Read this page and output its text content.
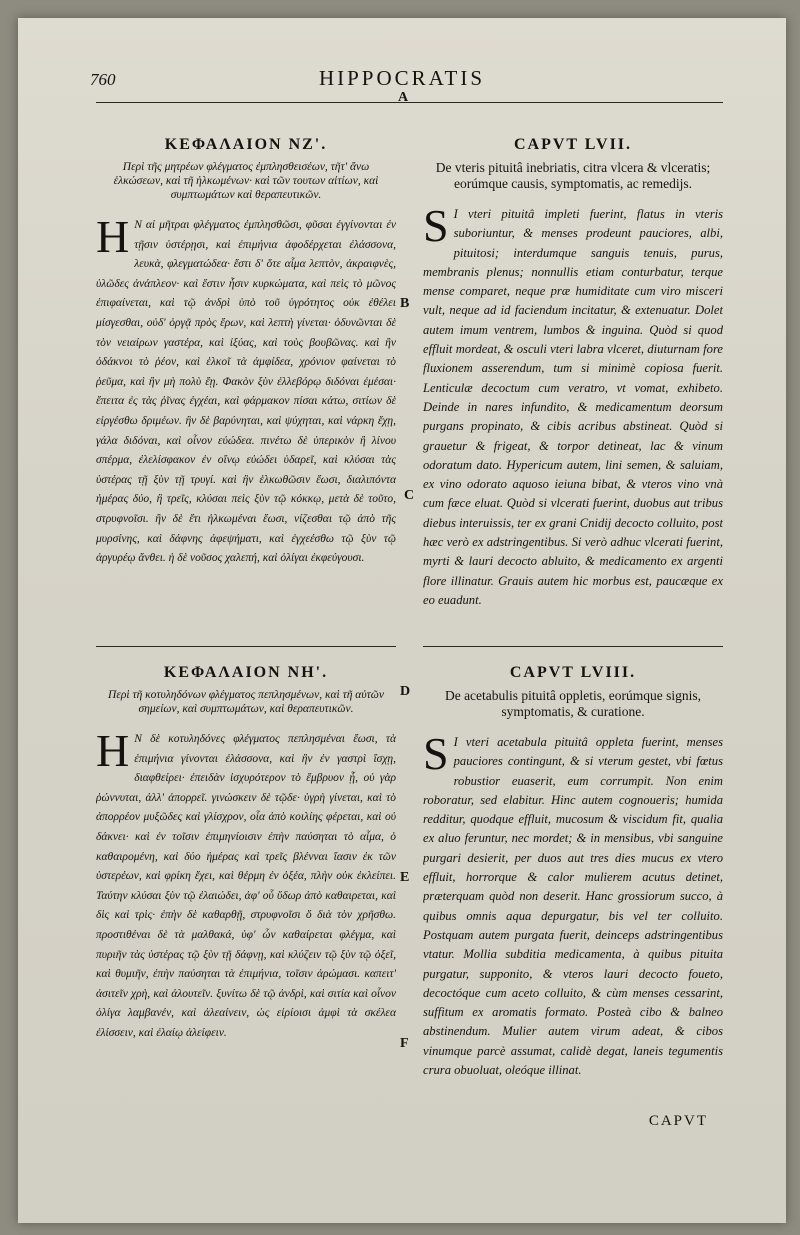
760	HIPPOCRATIS
A
B
C
D
E
F
ΚΕΦΑΛΑΙΟΝ ΝΖ'.

Περὶ τῆς μητρέων φλέγματος ἐμπλησθεισέων, τῆτ' ἄνω ἑλκώσεων, καὶ τῆ ἡλκωμένων· καὶ τῶν τουτων αἰτίων, καὶ συμπτωμάτων καὶ θεραπευτικῶν.

Η Ν αἱ μῆτραι φλέγματος ἐμπλησθῶσι, φῦσαι ἐγγίνονται ἐν τῇσιν ὑστέρῃσι, καὶ ἐπιμήνια ἀφοδέρχεται ἐλάσσονα, λευκὰ, φλεγματώδεα· ἔστι δ' ὅτε αἷμα λεπτὸν, ἀκραιφνὲς, ὑλῶδες ἀνάπλεον· καὶ ἔστιν ἦσιν κυρκώματα, καὶ πεὶς τὸ μῶνος ἐπιφαίνεται, καὶ τῷ ἀνδρὶ ὑπὸ τοῦ ὑγρότητος οὐκ ἐθέλει μίσγεσθαι, οὐδ' ὀργᾷ πρὸς ἔρων, καὶ λεπτὴ γίνεται· ὀδυνῶνται δὲ τὸν νειαίρων γαστέρα, καὶ ἰξύας, καὶ τοὺς βουβῶνας. καὶ ἢν ὀδάκνοι τὸ ῥέον, καὶ ἑλκοῖ τὰ ἀμφίδεα, χρόνιον φαίνεται τὸ ῥεῦμα, καὶ ἢν μὴ πολὺ ἔῃ. Φακὸν ξὺν ἐλλεβόρῳ διδόναι ἐμέσαι· ἔπειτα ἐς τὰς ῥῖνας ἐγχέαι, καὶ φάρμακον πίσαι κάτω, σιτίων δὲ εἰργέσθω δριμέων. ἢν δὲ βαρύνηται, καὶ ψύχηται, καὶ νάρκη ἔχῃ, γάλα διδόναι, καὶ οἶνον εὐώδεα. πινέτω δὲ ὑπερικὸν ἢ λίνου σπέρμα, ἐλελίσφακον ἐν οἴνῳ εὐώδει ὑδαρεῖ, καὶ κλύσαι τὰς ὑστέρας τῇ ξὺν τῇ τρυγί. καὶ ἢν ἑλκωθῶσιν ἔωσι, διαλιπόντα ἡμέρας δύο, ἢ τρεῖς, κλύσαι πεὶς ξὺν τῷ κόκκῳ, μετὰ δὲ τοῦτο, στρυφνοῖσι. ἢν δὲ ἔτι ἡλκωμέναι ἔωσι, νίζεσθαι τῷ ἀπὸ τῆς μυρσίνης, καὶ δάφνης ἀφεψήματι, καὶ ἐγχεέσθω τῷ ξὺν τῷ ἀργυρέῳ ἄνθει. ἡ δὲ νοῦσος χαλεπή, καὶ ὀλίγαι ἐκφεύγουσι.

CAPVT LVII.

De vteris pituitâ inebriatis, citra vlcera & vlceratis; eorúmque causis, symptomatis, ac remedijs.

S I vteri pituitâ impleti fuerint, flatus in vteris suboriuntur, & menses prodeunt pauciores, albi, pituitosi; interdumque sanguis tenuis, purus, membranis plenus; nonnullis etiam conturbatur, terque mense comparet, neque præ humiditate cum viro misceri vult, neque ad id faciendum incitatur, & extenuatur. Dolet autem imum ventrem, lumbos & inguina. Quòd si quod effluit mordeat, & osculi vteri labra vlceret, diuturnam fore fluxionem asserendum, tum si minimè copiosa fuerit. Lenticulæ decoctum cum veratro, vt vomat, exhibeto. Deinde in nares infundito, & medicamentum deorsum purgans propinato, & cibis acribus abstineat. Quòd si grauetur & frigeat, & torpor detineat, lac & vinum odoratum dato. Hypericum autem, lini semen, & saluiam, ex vino odorato aquoso ieiuna bibat, & vteros vino vnà cum fæce eluat. Quòd si vlcerati fuerint, duobus aut tribus diebus interuissis, ter ex grani Cnidij decocto colluito, post hæc verò ex adstringentibus. Si verò adhuc vlcerati fuerint, myrti & lauri decocto abluito, & medicamento ex argenti flore illinatur. Grauis autem hic morbus est, paucæque ex eo euadunt.

ΚΕΦΑΛΑΙΟΝ ΝΗ'.

Περὶ τῆ κοτυληδόνων φλέγματος πεπλησμένων, καὶ τῆ αὐτῶν σημείων, καὶ συμπτωμάτων, καὶ θεραπευτικῶν.

Η Ν δὲ κοτυληδόνες φλέγματος πεπλησμέναι ἔωσι, τὰ ἐπιμήνια γίνονται ἐλάσσονα, καὶ ἢν ἐν γαστρὶ ἴσχῃ, διαφθείρει· ἐπειδὰν ἰσχυρότερον τὸ ἔμβρυον ᾖ, οὐ γὰρ ῥώννυται, ἀλλ' ἀπορρεῖ. γινώσκειν δὲ τῷδε· ὑγρὴ γίνεται, καὶ τὸ ἀπορρέον μυξῶδες καὶ γλίσχρον, οἷα ἀπὸ κοιλίης φέρεται, καὶ οὐ δάκνει· καὶ ἐν τοῖσιν ἐπιμηνίοισιν ἐπὴν παύσηται τὸ αἷμα, ὁ καθαιρομένη, καὶ δύο ἡμέρας καὶ τρεῖς βλένναι ἴασιν ἐκ τῶν ὑστερέων, καὶ φρίκη ἔχει, καὶ θέρμη ἐν ὀξέα, πλὴν οὐκ ἐκλείπει. Ταύτην κλύσαι ξὺν τῷ ἐλαιώδει, ἀφ' οὗ ὕδωρ ἀπὸ καθαιρεται, καὶ δὶς καὶ τρὶς· ἐπὴν δὲ καθαρθῇ, στρυφνοῖσι ὅ διὰ τὸν χρῆσθω. προστιθέναι δὲ τὰ μαλθακά, ὑφ' ὧν καθαίρεται φλέγμα, καὶ πυριῆν τὰς ὑστέρας τῷ ξὺν τῇ δάφνῃ, καὶ κλύζειν τῷ ξὺν τῷ ὀξεῖ, καὶ θυμιῆν, ἐπὴν παύσηται τὰ ἐπιμήνια, τοῖσιν ἀρώμασι. καπειτ' ἀσιτεῖν χρὴ, καὶ ἀλουτεῖν. ξυνίτω δὲ τῷ ἀνδρὶ, καὶ σιτία καὶ οἶνον ὀλίγα λαμβανέν, καὶ ἀλεαίνειν, ὡς εἰρίοισι ἀμφὶ τὰ σκέλεα ἐλίσσειν, καὶ ἐλαίῳ ἀλείφειν.

CAPVT LVIII.

De acetabulis pituitâ oppletis, eorúmque signis, symptomatis, & curatione.

S I vteri acetabula pituitâ oppleta fuerint, menses pauciores contingunt, & si vterum gestet, vbi fœtus robustior euaserit, eum corrumpit. Non enim roboratur, sed elabitur. Hinc autem cognoueris; humida redditur, quodque effluit, mucosum & viscidum fit, qualia ex aluo feruntur, nec mordet; & in mensibus, vbi sanguine purgari desierit, per duos aut tres dies mucus ex vtero effluit, horrorque & calor mulierem acutus detinet, præterquam quòd non deserit. Hanc grossiorum succo, à quibus omnis aqua depurgatur, bis vel ter colluito. Postquam autem purgata fuerit, deinceps adstringentibus vtatur. Mollia subditia medicamenta, à quibus pituita purgatur, supponito, & vteros lauri decocto foueto, decoctóque cum aceto colluito, & cùm menses cessarint, suffitum ex aromatis formato. Posteà cibo & balneo abstinendum. Mulier autem virum adeat, & cibos vinumque parcè assumat, calidè degat, laneis tegumentis crura obuoluat, oleóque illinat.

CAPVT
